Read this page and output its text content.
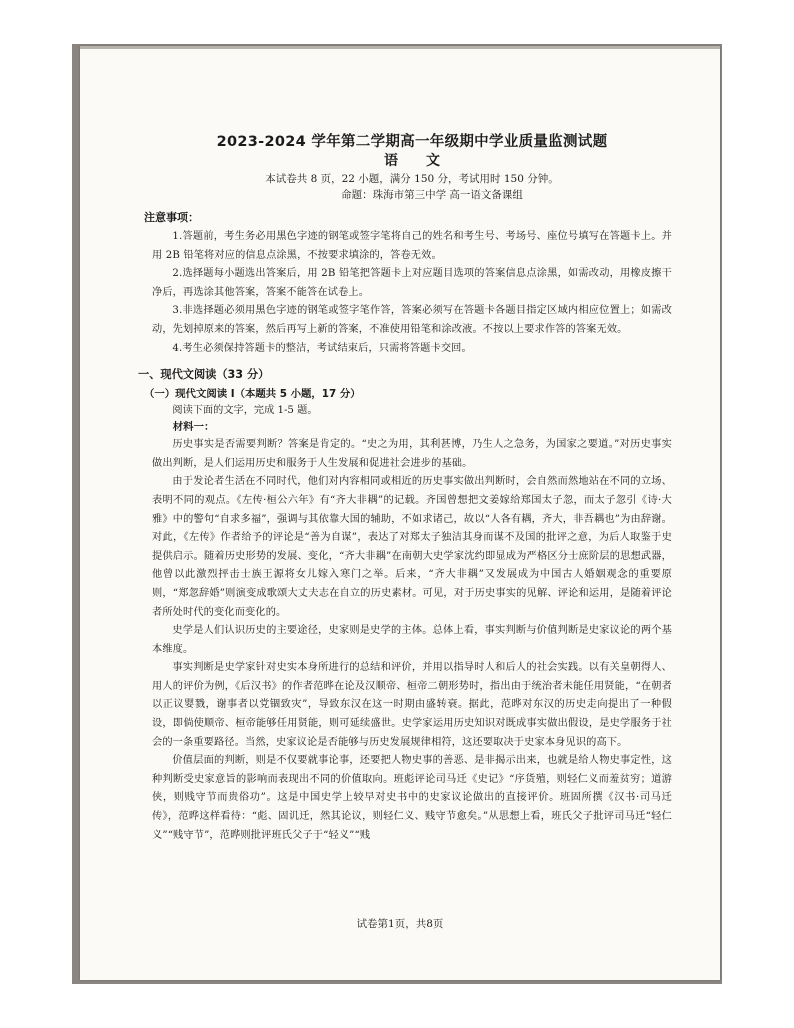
2023-2024 学年第二学期高一年级期中学业质量监测试题
语 文

本试卷共 8 页，22 小题，满分 150 分，考试用时 150 分钟。

命题：珠海市第三中学 高一语文备课组

注意事项：

1.答题前，考生务必用黑色字迹的钢笔或签字笔将自己的姓名和考生号、考场号、座位号填写在答题卡上。并用 2B 铅笔将对应的信息点涂黑，不按要求填涂的，答卷无效。

2.选择题每小题选出答案后，用 2B 铅笔把答题卡上对应题目选项的答案信息点涂黑，如需改动，用橡皮擦干净后，再选涂其他答案，答案不能答在试卷上。

3.非选择题必须用黑色字迹的钢笔或签字笔作答，答案必须写在答题卡各题目指定区域内相应位置上；如需改动，先划掉原来的答案，然后再写上新的答案，不准使用铅笔和涂改液。不按以上要求作答的答案无效。

4.考生必须保持答题卡的整洁，考试结束后，只需将答题卡交回。

一、现代文阅读（33 分）
（一）现代文阅读 I（本题共 5 小题，17 分）
阅读下面的文字，完成 1-5 题。
材料一：

历史事实是否需要判断？答案是肯定的。“史之为用，其利甚博，乃生人之急务，为国家之要道。”对历史事实做出判断，是人们运用历史和服务于人生发展和促进社会进步的基础。

由于发论者生活在不同时代，他们对内容相同或相近的历史事实做出判断时，会自然而然地站在不同的立场、表明不同的观点。《左传·桓公六年》有“齐大非耦”的记载。齐国曾想把文姜嫁给郑国太子忽，而太子忽引《诗·大雅》中的警句“自求多福”，强调与其依靠大国的辅助，不如求诸己，故以“人各有耦，齐大，非吾耦也”为由辞谢。对此，《左传》作者给予的评论是“善为自谋”，表达了对郑太子独洁其身而谋不及国的批评之意，为后人取鉴于史提供启示。随着历史形势的发展、变化，“齐大非耦”在南朝大史学家沈约即显成为严格区分士庶阶层的思想武器，他曾以此激烈抨击士族王源将女儿嫁入寒门之举。后来，“齐大非耦”又发展成为中国古人婚姻观念的重要原则，“郑忽辞婚”则演变成歌颂大丈夫志在自立的历史素材。可见，对于历史事实的见解、评论和运用，是随着评论者所处时代的变化而变化的。

史学是人们认识历史的主要途径，史家则是史学的主体。总体上看，事实判断与价值判断是史家议论的两个基本维度。

事实判断是史学家针对史实本身所进行的总结和评价，并用以指导时人和后人的社会实践。以有关皇朝得人、用人的评价为例，《后汉书》的作者范晔在论及汉顺帝、桓帝二朝形势时，指出由于统治者未能任用贤能，“在朝者以正议婴戮，谢事者以党锢致灾”，导致东汉在这一时期由盛转衰。据此，范晔对东汉的历史走向提出了一种假设，即倘使顺帝、桓帝能够任用贤能，则可延续盛世。史学家运用历史知识对既成事实做出假设，是史学服务于社会的一条重要路径。当然，史家议论是否能够与历史发展规律相符，这还要取决于史家本身见识的高下。

价值层面的判断，则是不仅要就事论事，还要把人物史事的善恶、是非揭示出来，也就是给人物史事定性，这种判断受史家意旨的影响而表现出不同的价值取向。班彪评论司马迁《史记》“序货殖，则轻仁义而羞贫穷；道游侠，则贱守节而贵俗功”。这是中国史学上较早对史书中的史家议论做出的直接评价。班固所撰《汉书·司马迁传》，范晔这样看待：“彪、固讥迁，然其论议，则轻仁义、贱守节愈矣。”从思想上看，班氏父子批评司马迁“轻仁义”“贱守节”，范晔则批评班氏父子于“轻义”“贱

试卷第1页，共8页
